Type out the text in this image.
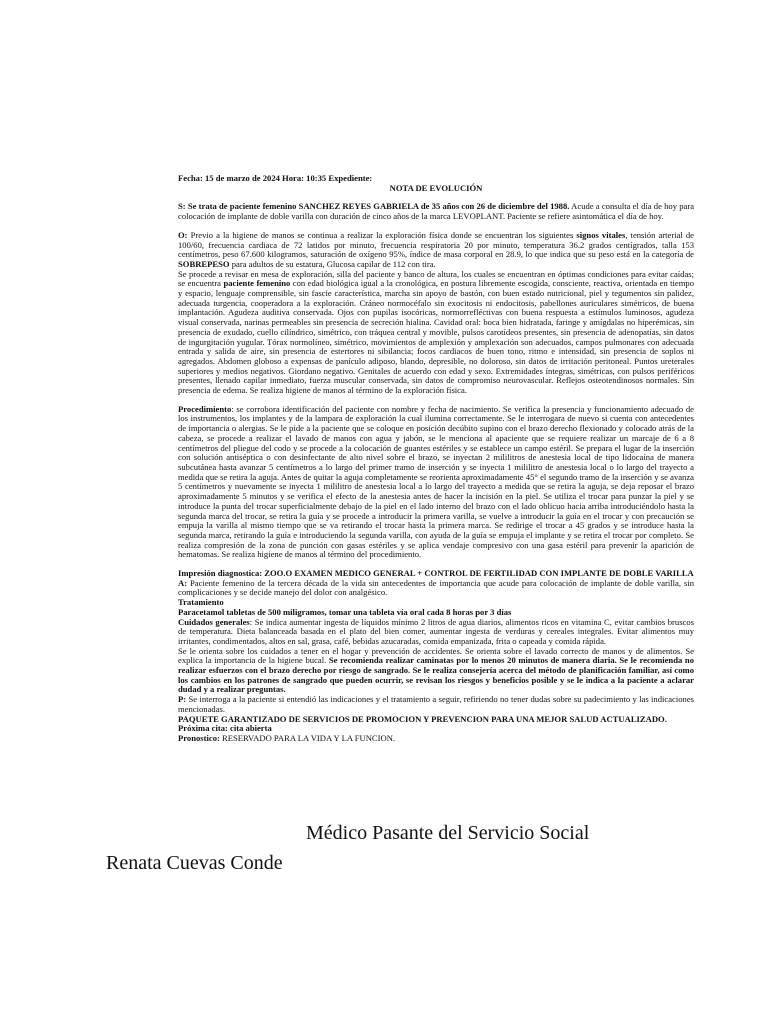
Fecha: 15 de marzo de 2024 Hora: 10:35 Expediente:

NOTA DE EVOLUCIÓN

S: Se trata de paciente femenino SANCHEZ REYES GABRIELA de 35 años con 26 de diciembre del 1988. Acude a consulta el día de hoy para colocación de implante de doble varilla con duración de cinco años de la marca LEVOPLANT. Paciente se refiere asintomática el día de hoy.

O: Previo a la higiene de manos se continua a realizar la exploración física donde se encuentran los siguientes signos vitales, tensión arterial de 100/60, frecuencia cardiaca de 72 latidos por minuto, frecuencia respiratoria 20 por minuto, temperatura 36.2 grados centígrados, talla 153 centímetros, peso 67.600 kilogramos, saturación de oxígeno 95%, índice de masa corporal en 28.9, lo que indica que su peso está en la categoría de SOBREPESO para adultos de su estatura, Glucosa capilar de 112 con tira.

Se procede a revisar en mesa de exploración, silla del paciente y banco de altura, los cuales se encuentran en óptimas condiciones para evitar caídas; se encuentra paciente femenino con edad biológica igual a la cronológica, en postura libremente escogida, consciente, reactiva, orientada en tiempo y espacio, lenguaje comprensible, sin fascie característica, marcha sin apoyo de bastón, con buen estado nutricional, piel y tegumentos sin palidez, adecuada turgencia, cooperadora a la exploración. Cráneo normocéfalo sin exocitosis ni endocitosis, pabellones auriculares simétricos, de buena implantación. Agudeza auditiva conservada. Ojos con pupilas isocóricas, normorrefléctivas con buena respuesta a estímulos luminosos, agudeza visual conservada, narinas permeables sin presencia de secreción hialina. Cavidad oral: boca bien hidratada, faringe y amígdalas no hiperémicas, sin presencia de exudado, cuello cilíndrico, simétrico, con tráquea central y movible, pulsos carotídeos presentes, sin presencia de adenopatías, sin datos de ingurgitación yugular. Tórax normolíneo, simétrico, movimientos de amplexión y amplexación son adecuados, campos pulmonares con adecuada entrada y salida de aire, sin presencia de estertores ni sibilancia; focos cardiacos de buen tono, ritmo e intensidad, sin presencia de soplos ni agregados. Abdomen globoso a expensas de panículo adiposo, blando, depresible, no doloroso, sin datos de irritación peritoneal. Puntos ureterales superiores y medios negativos. Giordano negativo. Genitales de acuerdo con edad y sexo. Extremidades íntegras, simétricas, con pulsos periféricos presentes, llenado capilar inmediato, fuerza muscular conservada, sin datos de compromiso neurovascular. Reflejos osteotendinosos normales. Sin presencia de edema. Se realiza higiene de manos al término de la exploración física.

Procedimiento: se corrobora identificación del paciente con nombre y fecha de nacimiento. Se verifica la presencia y funcionamiento adecuado de los instrumentos, los implantes y de la lampara de exploración la cual ilumina correctamente. Se le interrogara de nuevo si cuenta con antecedentes de importancia o alergias. Se le pide a la paciente que se coloque en posición decúbito supino con el brazo derecho flexionado y colocado atrás de la cabeza, se procede a realizar el lavado de manos con agua y jabón, se le menciona al apaciente que se requiere realizar un marcaje de 6 a 8 centímetros del pliegue del codo y se procede a la colocación de guantes estériles y se establece un campo estéril. Se prepara el lugar de la inserción con solución antiséptica o con desinfectante de alto nivel sobre el brazo, se inyectan 2 mililitros de anestesia local de tipo lidocaína de manera subcutánea hasta avanzar 5 centímetros a lo largo del primer tramo de inserción y se inyecta 1 mililitro de anestesia local o lo largo del trayecto a medida que se retira la aguja. Antes de quitar la aguja completamente se reorienta aproximadamente 45° el segundo tramo de la inserción y se avanza 5 centímetros y nuevamente se inyecta 1 mililitro de anestesia local a lo largo del trayecto a medida que se retira la aguja, se deja reposar el brazo aproximadamente 5 minutos y se verifica el efecto de la anestesia antes de hacer la incisión en la piel. Se utiliza el trocar para punzar la piel y se introduce la punta del trocar superficialmente debajo de la piel en el lado interno del brazo con el lado oblicuo hacia arriba introduciéndolo hasta la segunda marca del trocar, se retira la guía y se procede a introducir la primera varilla, se vuelve a introducir la guía en el trocar y con precaución se empuja la varilla al mismo tiempo que se va retirando el trocar hasta la primera marca. Se redirige el trocar a 45 grados y se introduce hasta la segunda marca, retirando la guía e introduciendo la segunda varilla, con ayuda de la guía se empuja el implante y se retira el trocar por completo. Se realiza compresión de la zona de punción con gasas estériles y se aplica vendaje compresivo con una gasa estéril para prevenir la aparición de hematomas. Se realiza higiene de manos al término del procedimiento.

Impresión diagnostica: ZOO.O EXAMEN MEDICO GENERAL + CONTROL DE FERTILIDAD CON IMPLANTE DE DOBLE VARILLA

A: Paciente femenino de la tercera década de la vida sin antecedentes de importancia que acude para colocación de implante de doble varilla, sin complicaciones y se decide manejo del dolor con analgésico.

Tratamiento

Paracetamol tabletas de 500 miligramos, tomar una tableta vía oral cada 8 horas por 3 días

Cuidados generales: Se indica aumentar ingesta de líquidos mínimo 2 litros de agua diarios, alimentos ricos en vitamina C, evitar cambios bruscos de temperatura. Dieta balanceada basada en el plato del bien comer, aumentar ingesta de verduras y cereales integrales. Evitar alimentos muy irritantes, condimentados, altos en sal, grasa, café, bebidas azucaradas, comida empanizada, frita o capeada y comida rápida.

Se le orienta sobre los cuidados a tener en el hogar y prevención de accidentes. Se orienta sobre el lavado correcto de manos y de alimentos. Se explica la importancia de la higiene bucal. Se recomienda realizar caminatas por lo menos 20 minutos de manera diaria. Se le recomienda no realizar esfuerzos con el brazo derecho por riesgo de sangrado. Se le realiza consejería acerca del método de planificación familiar, así como los cambios en los patrones de sangrado que pueden ocurrir, se revisan los riesgos y beneficios posible y se le indica a la paciente a aclarar dudad y a realizar preguntas.

P: Se interroga a la paciente si entendió las indicaciones y el tratamiento a seguir, refiriendo no tener dudas sobre su padecimiento y las indicaciones mencionadas.

PAQUETE GARANTIZADO DE SERVICIOS DE PROMOCION Y PREVENCION PARA UNA MEJOR SALUD ACTUALIZADO.

Próxima cita: cita abierta

Pronostico: RESERVADO PARA LA VIDA Y LA FUNCION.

Médico Pasante del Servicio Social
Renata Cuevas Conde
